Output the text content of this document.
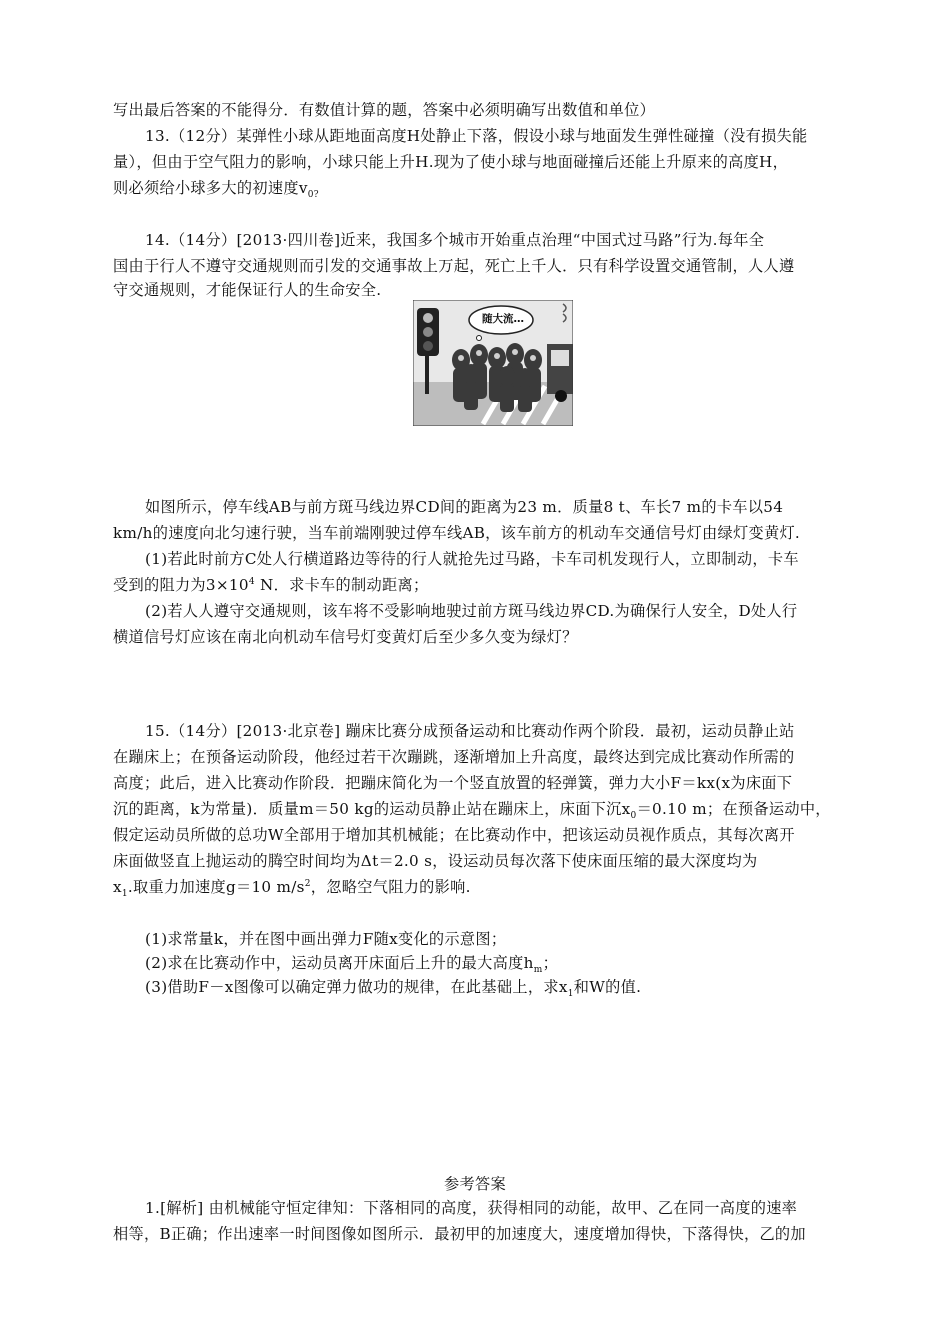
写出最后答案的不能得分．有数值计算的题，答案中必须明确写出数值和单位）
13.（12分）某弹性小球从距地面高度H处静止下落，假设小球与地面发生弹性碰撞（没有损失能
量），但由于空气阻力的影响，小球只能上升H.现为了使小球与地面碰撞后还能上升原来的高度H，
则必须给小球多大的初速度$v_{0?}$
14.（14分）[2013·四川卷]近来，我国多个城市开始重点治理“中国式过马路”行为.每年全
国由于行人不遵守交通规则而引发的交通事故上万起，死亡上千人．只有科学设置交通管制，人人遵
守交通规则，才能保证行人的生命安全.
随大流…
如图所示，停车线AB与前方斑马线边界CD间的距离为23 m．质量8 t、车长7 m的卡车以54
km/h的速度向北匀速行驶，当车前端刚驶过停车线AB，该车前方的机动车交通信号灯由绿灯变黄灯.
(1)若此时前方C处人行横道路边等待的行人就抢先过马路，卡车司机发现行人，立即制动，卡车
受到的阻力为$3\times 10^4$ N．求卡车的制动距离；
(2)若人人遵守交通规则，该车将不受影响地驶过前方斑马线边界CD.为确保行人安全，D处人行
横道信号灯应该在南北向机动车信号灯变黄灯后至少多久变为绿灯？
15.（14分）[2013·北京卷] 蹦床比赛分成预备运动和比赛动作两个阶段．最初，运动员静止站
在蹦床上；在预备运动阶段，他经过若干次蹦跳，逐渐增加上升高度，最终达到完成比赛动作所需的
高度；此后，进入比赛动作阶段．把蹦床简化为一个竖直放置的轻弹簧，弹力大小F＝kx(x为床面下
沉的距离，k为常量)．质量m＝50 kg的运动员静止站在蹦床上，床面下沉$x_0=0.10$ m；在预备运动中，
假定运动员所做的总功W全部用于增加其机械能；在比赛动作中，把该运动员视作质点，其每次离开
床面做竖直上抛运动的腾空时间均为Δt＝2.0 s，设运动员每次落下使床面压缩的最大深度均为
$x_1$.取重力加速度g＝10 $m/s^2$，忽略空气阻力的影响.
(1)求常量k，并在图中画出弹力F随x变化的示意图；
(2)求在比赛动作中，运动员离开床面后上升的最大高度$h_m$；
(3)借助F－x图像可以确定弹力做功的规律，在此基础上，求$x_1$和W的值.
参考答案
1.[解析] 由机械能守恒定律知：下落相同的高度，获得相同的动能，故甲、乙在同一高度的速率
相等，B正确；作出速率一时间图像如图所示．最初甲的加速度大，速度增加得快，下落得快，乙的加
